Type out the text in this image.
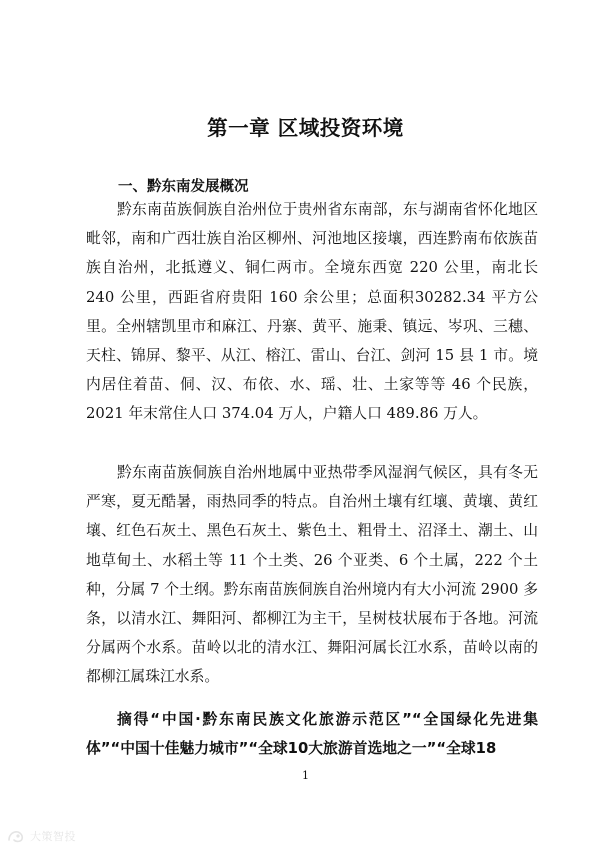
第一章 区域投资环境
一、黔东南发展概况

黔东南苗族侗族自治州位于贵州省东南部，东与湖南省怀化地区毗邻，南和广西壮族自治区柳州、河池地区接壤，西连黔南布依族苗族自治州，北抵遵义、铜仁两市。全境东西宽 220 公里，南北长 240 公里，西距省府贵阳 160 余公里；总面积30282.34 平方公里。全州辖凯里市和麻江、丹寨、黄平、施秉、镇远、岑巩、三穗、天柱、锦屏、黎平、从江、榕江、雷山、台江、剑河 15 县 1 市。境内居住着苗、侗、汉、布依、水、瑶、壮、土家等等 46 个民族，2021 年末常住人口 374.04 万人，户籍人口 489.86 万人。

黔东南苗族侗族自治州地属中亚热带季风湿润气候区，具有冬无严寒，夏无酷暑，雨热同季的特点。自治州土壤有红壤、黄壤、黄红壤、红色石灰土、黑色石灰土、紫色土、粗骨土、沼泽土、潮土、山地草甸土、水稻土等 11 个土类、26 个亚类、6 个土属，222 个土种，分属 7 个土纲。黔东南苗族侗族自治州境内有大小河流 2900 多条，以清水江、舞阳河、都柳江为主干，呈树枝状展布于各地。河流分属两个水系。苗岭以北的清水江、舞阳河属长江水系，苗岭以南的都柳江属珠江水系。

摘得“中国·黔东南民族文化旅游示范区”“全国绿化先进集体”“中国十佳魅力城市”“全球10大旅游首选地之一”“全球18

1
大策智投
